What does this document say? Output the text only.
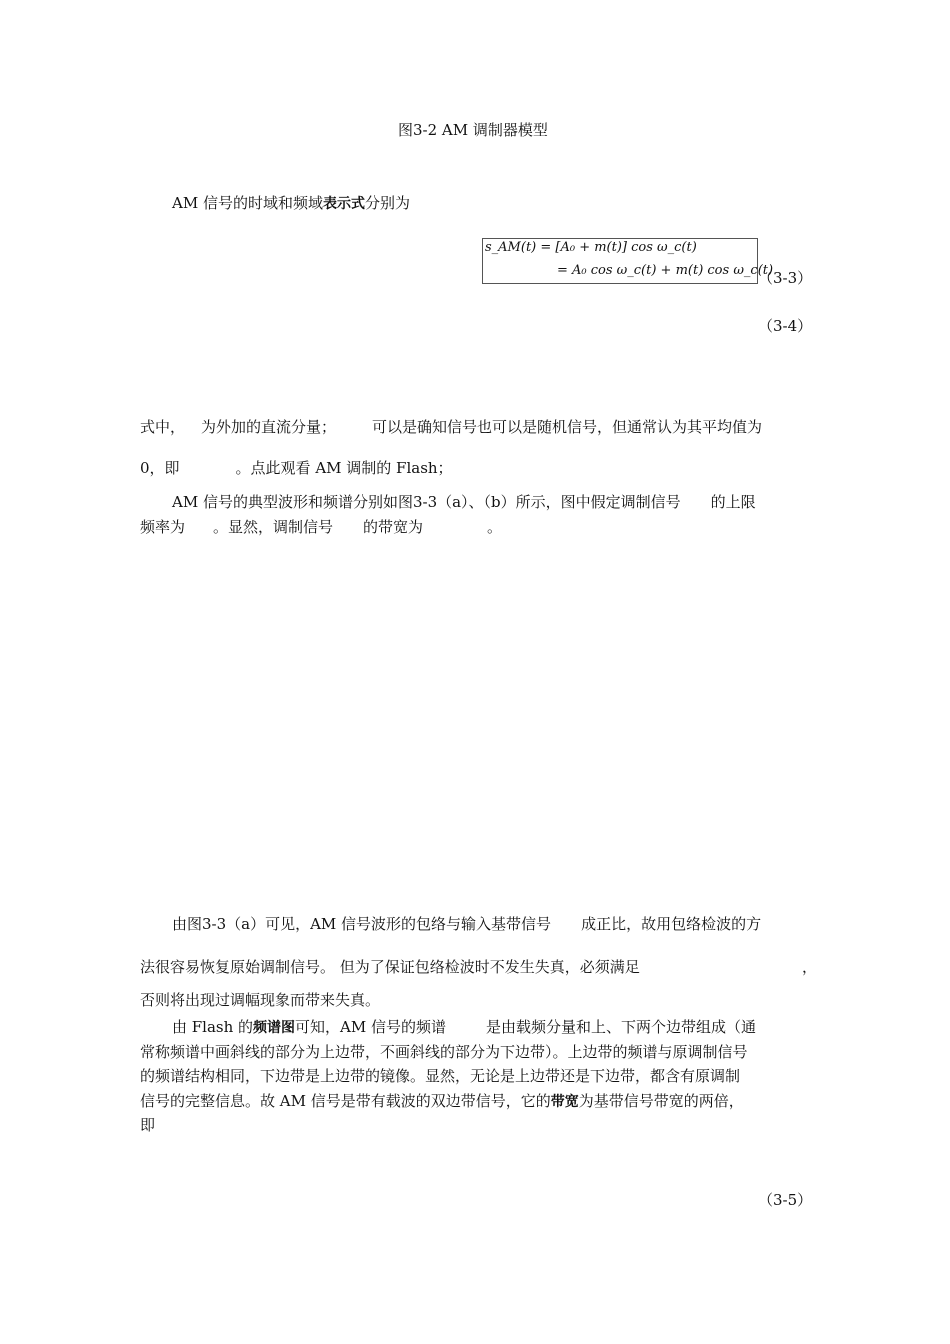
图3-2 AM 调制器模型
AM 信号的时域和频域表示式分别为
s_AM(t) = [A₀ + m(t)] cos ω_c(t)
= A₀ cos ω_c(t) + m(t) cos ω_c(t)
（3-3）
（3-4）
式中， 为外加的直流分量； 可以是确知信号也可以是随机信号，但通常认为其平均值为
0，即	。点此观看 AM 调制的 Flash；
AM 信号的典型波形和频谱分别如图3-3（a）、（b）所示，图中假定调制信号 的上限
频率为 。显然，调制信号 的带宽为	。
由图3-3（a）可见，AM 信号波形的包络与输入基带信号 成正比，故用包络检波的方
法很容易恢复原始调制信号。 但为了保证包络检波时不发生失真，必须满足	，
否则将出现过调幅现象而带来失真。
由 Flash 的频谱图可知，AM 信号的频谱	是由载频分量和上、下两个边带组成（通
常称频谱中画斜线的部分为上边带，不画斜线的部分为下边带）。上边带的频谱与原调制信号
的频谱结构相同，下边带是上边带的镜像。显然，无论是上边带还是下边带，都含有原调制
信号的完整信息。故 AM 信号是带有载波的双边带信号，它的带宽为基带信号带宽的两倍，
即
（3-5）
